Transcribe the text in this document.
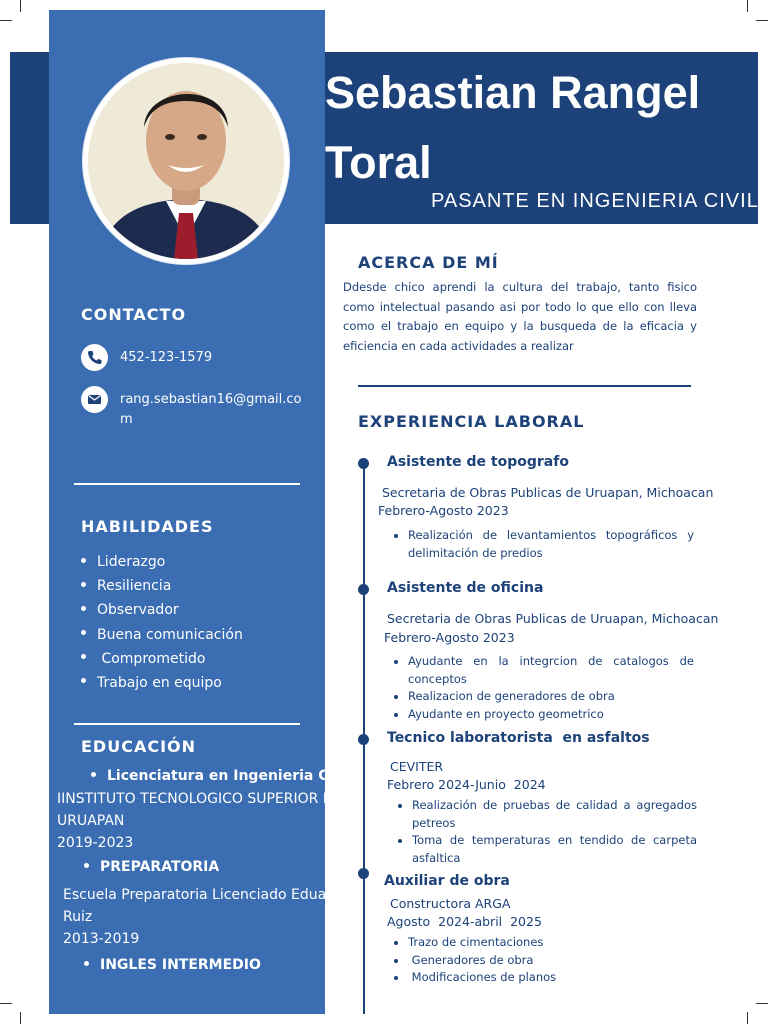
Sebastian Rangel
Toral
PASANTE EN INGENIERIA CIVIL
CONTACTO
452-123-1579
rang.sebastian16@gmail.co
m
HABILIDADES
Liderazgo
Resiliencia
Observador
Buena comunicación
Comprometido
Trabajo en equipo
EDUCACIÓN
Licenciatura en Ingenieria Civil
IINSTITUTO TECNOLOGICO SUPERIOR DE
URUAPAN
2019-2023
PREPARATORIA
Escuela Preparatoria Licenciado Eduardo
Ruiz
2013-2019
INGLES INTERMEDIO
ACERCA DE MÍ
Ddesde chico aprendi la cultura del trabajo, tanto fisico como intelectual pasando asi por todo lo que ello con lleva como el trabajo en equipo y la busqueda de la eficacia y eficiencia en cada actividades a realizar
EXPERIENCIA LABORAL
Asistente de topografo
Secretaria de Obras Publicas de Uruapan, Michoacan
Febrero-Agosto 2023
Realización de levantamientos topográficos y delimitación de predios
Asistente de oficina
Secretaria de Obras Publicas de Uruapan, Michoacan
Febrero-Agosto 2023
Ayudante en la integrcion de catalogos de conceptos
Realizacion de generadores de obra
Ayudante en proyecto geometrico
Tecnico laboratorista  en asfaltos
CEVITER
Febrero 2024-Junio  2024
Realización de pruebas de calidad a agregados petreos
Toma de temperaturas en tendido de carpeta asfaltica
Auxiliar de obra
Constructora ARGA
Agosto  2024-abril  2025
Trazo de cimentaciones
Generadores de obra
Modificaciones de planos
